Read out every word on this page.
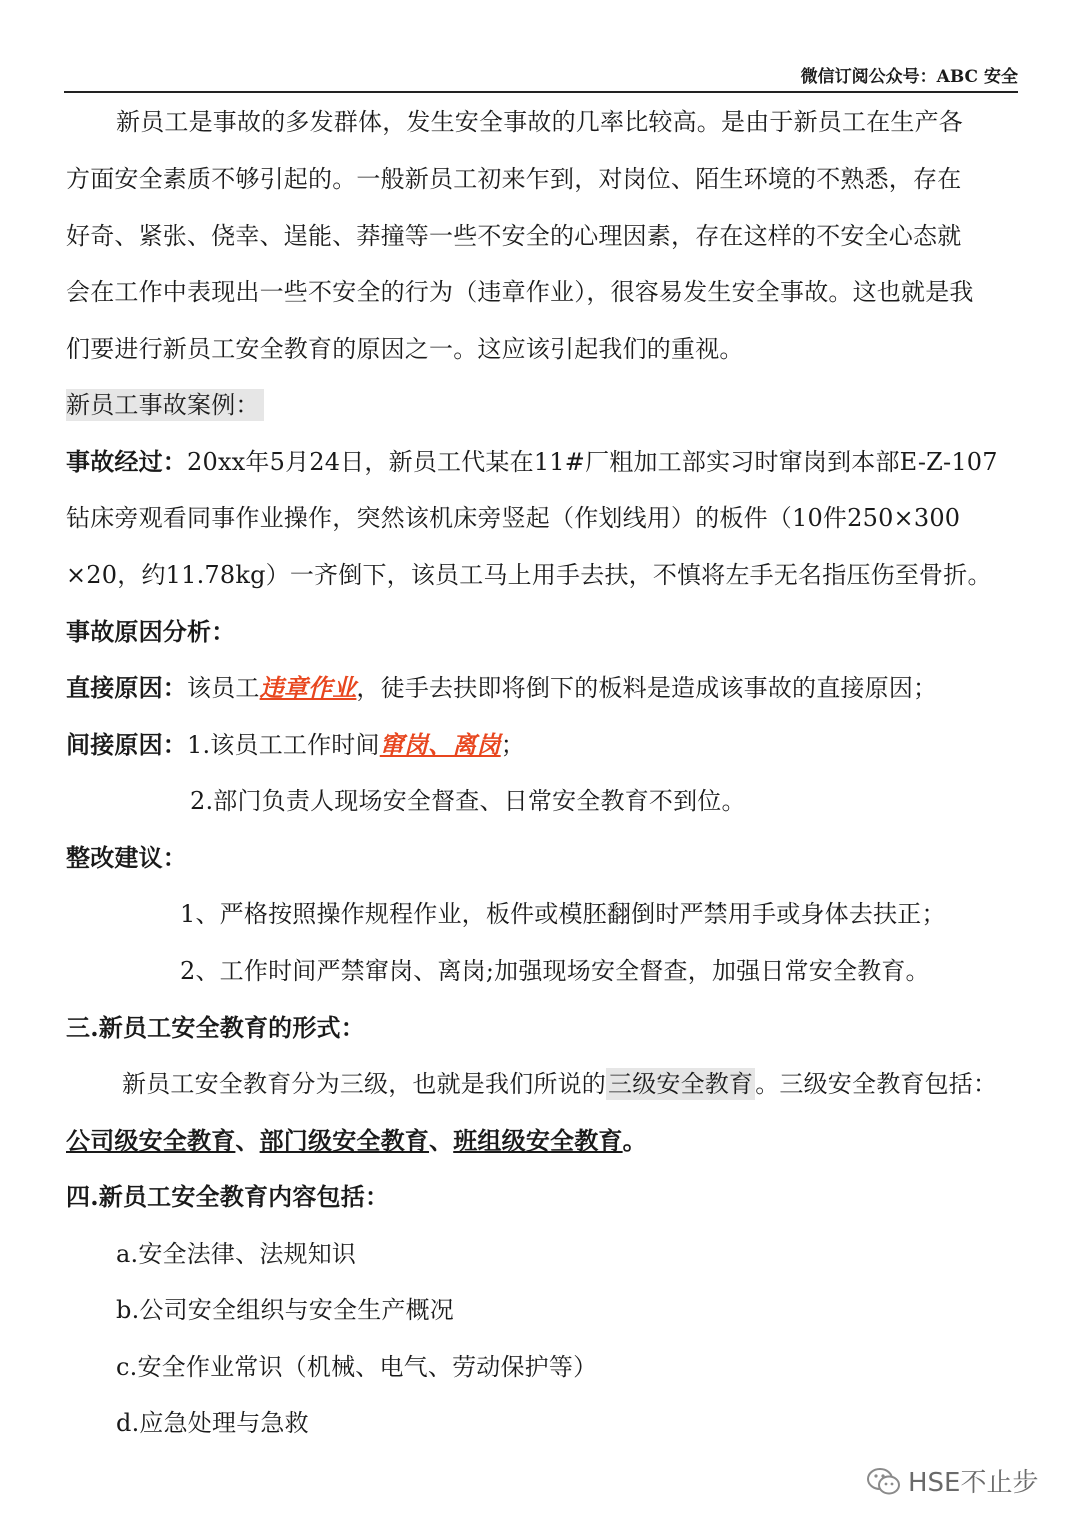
微信订阅公众号：ABC 安全
新员工是事故的多发群体，发生安全事故的几率比较高。是由于新员工在生产各
方面安全素质不够引起的。一般新员工初来乍到，对岗位、陌生环境的不熟悉，存在
好奇、紧张、侥幸、逞能、莽撞等一些不安全的心理因素，存在这样的不安全心态就
会在工作中表现出一些不安全的行为（违章作业），很容易发生安全事故。这也就是我
们要进行新员工安全教育的原因之一。这应该引起我们的重视。
新员工事故案例：
事故经过：20xx年5月24日，新员工代某在11#厂粗加工部实习时窜岗到本部E-Z-107
钻床旁观看同事作业操作，突然该机床旁竖起（作划线用）的板件（10件250×300
×20，约11.78kg）一齐倒下，该员工马上用手去扶，不慎将左手无名指压伤至骨折。
事故原因分析：
直接原因：该员工违章作业，徒手去扶即将倒下的板料是造成该事故的直接原因；
间接原因：1.该员工工作时间窜岗、离岗；
2.部门负责人现场安全督查、日常安全教育不到位。
整改建议：
1、严格按照操作规程作业，板件或模胚翻倒时严禁用手或身体去扶正；
2、工作时间严禁窜岗、离岗;加强现场安全督查，加强日常安全教育。
三.新员工安全教育的形式：
新员工安全教育分为三级，也就是我们所说的三级安全教育。三级安全教育包括：
公司级安全教育、部门级安全教育、班组级安全教育。
四.新员工安全教育内容包括：
a.安全法律、法规知识
b.公司安全组织与安全生产概况
c.安全作业常识（机械、电气、劳动保护等）
d.应急处理与急救
HSE不止步
